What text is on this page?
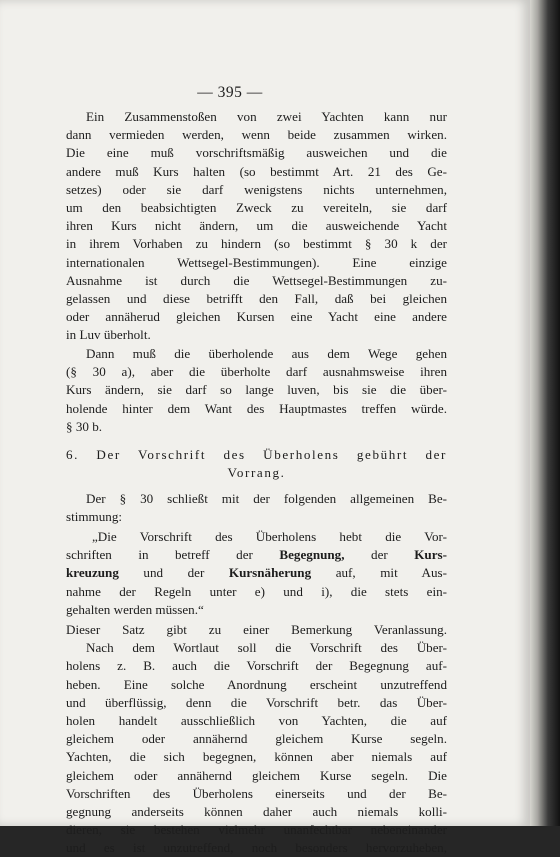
— 395 —
Ein Zusammenstoßen von zwei Yachten kann nur
dann vermieden werden, wenn beide zusammen wirken.
Die eine muß vorschriftsmäßig ausweichen und die
andere muß Kurs halten (so bestimmt Art. 21 des Ge-
setzes) oder sie darf wenigstens nichts unternehmen,
um den beabsichtigten Zweck zu vereiteln, sie darf
ihren Kurs nicht ändern, um die ausweichende Yacht
in ihrem Vorhaben zu hindern (so bestimmt § 30 k der
internationalen Wettsegel-Bestimmungen). Eine einzige
Ausnahme ist durch die Wettsegel-Bestimmungen zu-
gelassen und diese betrifft den Fall, daß bei gleichen
oder annäherud gleichen Kursen eine Yacht eine andere
in Luv überholt.
Dann muß die überholende aus dem Wege gehen
(§ 30 a), aber die überholte darf ausnahmsweise ihren
Kurs ändern, sie darf so lange luven, bis sie die über-
holende hinter dem Want des Hauptmastes treffen würde.
§ 30 b.
6. Der Vorschrift des Überholens gebührt der
Vorrang.
Der § 30 schließt mit der folgenden allgemeinen Be-
stimmung:
„Die Vorschrift des Überholens hebt die Vor-
schriften in betreff der Begegnung, der Kurs-
kreuzung und der Kursnäherung auf, mit Aus-
nahme der Regeln unter e) und i), die stets ein-
gehalten werden müssen.“
Dieser Satz gibt zu einer Bemerkung Veranlassung.
Nach dem Wortlaut soll die Vorschrift des Über-
holens z. B. auch die Vorschrift der Begegnung auf-
heben. Eine solche Anordnung erscheint unzutreffend
und überflüssig, denn die Vorschrift betr. das Über-
holen handelt ausschließlich von Yachten, die auf
gleichem oder annähernd gleichem Kurse segeln.
Yachten, die sich begegnen, können aber niemals auf
gleichem oder annähernd gleichem Kurse segeln. Die
Vorschriften des Überholens einerseits und der Be-
gegnung anderseits können daher auch niemals kolli-
dieren, sie bestehen vielmehr unanfechtbar nebeneinander
und es ist unzutreffend, noch besonders hervorzuheben,
